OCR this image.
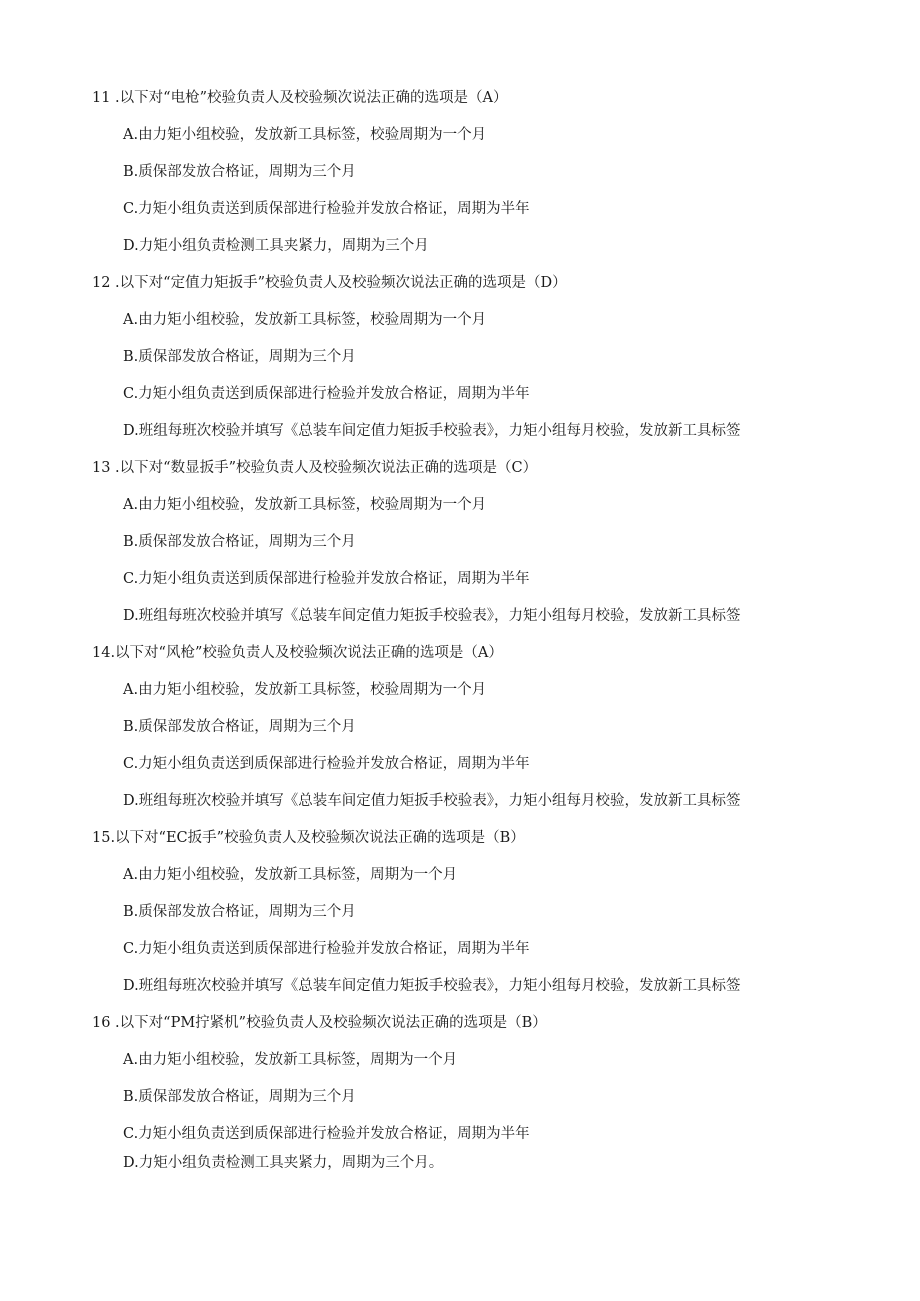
11 .以下对“电枪”校验负责人及校验频次说法正确的选项是（A）
A.由力矩小组校验，发放新工具标签，校验周期为一个月
B.质保部发放合格证，周期为三个月
C.力矩小组负责送到质保部进行检验并发放合格证，周期为半年
D.力矩小组负责检测工具夹紧力，周期为三个月
12 .以下对“定值力矩扳手”校验负责人及校验频次说法正确的选项是（D）
A.由力矩小组校验，发放新工具标签，校验周期为一个月
B.质保部发放合格证，周期为三个月
C.力矩小组负责送到质保部进行检验并发放合格证，周期为半年
D.班组每班次校验并填写《总装车间定值力矩扳手校验表》，力矩小组每月校验，发放新工具标签
13 .以下对“数显扳手”校验负责人及校验频次说法正确的选项是（C）
A.由力矩小组校验，发放新工具标签，校验周期为一个月
B.质保部发放合格证，周期为三个月
C.力矩小组负责送到质保部进行检验并发放合格证，周期为半年
D.班组每班次校验并填写《总装车间定值力矩扳手校验表》，力矩小组每月校验，发放新工具标签
14.以下对“风枪”校验负责人及校验频次说法正确的选项是（A）
A.由力矩小组校验，发放新工具标签，校验周期为一个月
B.质保部发放合格证，周期为三个月
C.力矩小组负责送到质保部进行检验并发放合格证，周期为半年
D.班组每班次校验并填写《总装车间定值力矩扳手校验表》，力矩小组每月校验，发放新工具标签
15.以下对“EC扳手”校验负责人及校验频次说法正确的选项是（B）
A.由力矩小组校验，发放新工具标签，周期为一个月
B.质保部发放合格证，周期为三个月
C.力矩小组负责送到质保部进行检验并发放合格证，周期为半年
D.班组每班次校验并填写《总装车间定值力矩扳手校验表》，力矩小组每月校验，发放新工具标签
16 .以下对“PM拧紧机”校验负责人及校验频次说法正确的选项是（B）
A.由力矩小组校验，发放新工具标签，周期为一个月
B.质保部发放合格证，周期为三个月
C.力矩小组负责送到质保部进行检验并发放合格证，周期为半年
D.力矩小组负责检测工具夹紧力，周期为三个月。
